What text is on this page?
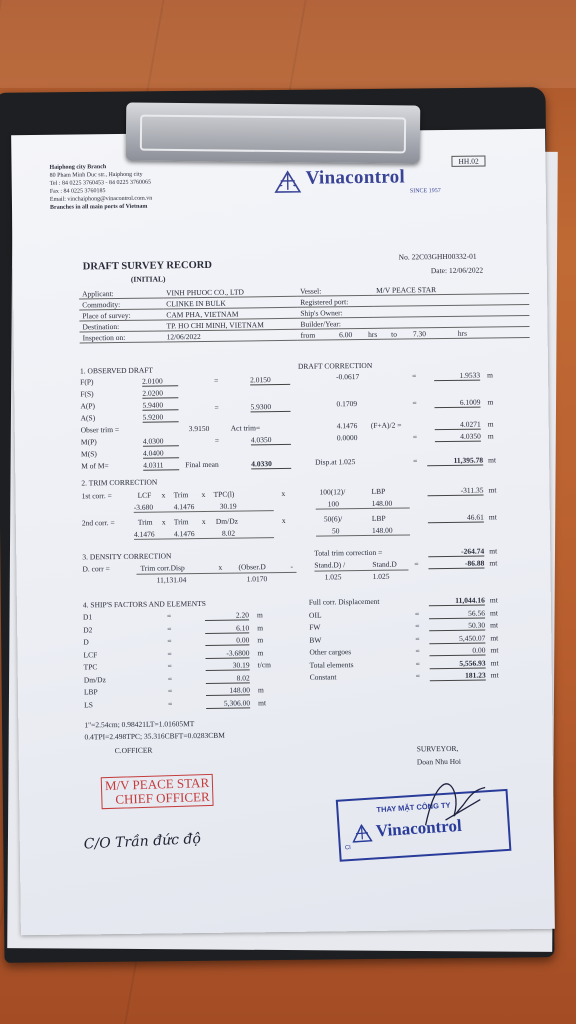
Haiphong city Branch
80 Pham Minh Duc str., Haiphong city
Tel : 84 0225 3760453 - 84 0225 3760065
Fax : 84 0225 3760185
Email: vinchaiphong@vinacontrol.com.vn
Branches in all main ports of Vietnam
HH.02
Vinacontrol
SINCE 1957
DRAFT SURVEY RECORD
(INITIAL)
No. 22C03GHH00332-01
Date: 12/06/2022
Applicant:	VINH PHUOC CO., LTD	Vessel:	M/V PEACE STAR
Commodity:	CLINKE IN BULK	Registered port:	
Place of survey:	CAM PHA, VIETNAM	Ship's Owner:	
Destination:	TP. HO CHI MINH, VIETNAM	Builder/Year:	
Inspection on:	12/06/2022	from 6.00 hrs to 7.30 hrs	
1. OBSERVED DRAFT	DRAFT CORRECTION
F(P)	2.0100	=	2.0150	-0.0617	=	1.9533 m
F(S)	2.0200
A(P)	5.9400	=	5.9300	0.1709	=	6.1009 m
A(S)	5.9200
Obser trim =	3.9150	Act trim=	4.1476 (F+A)/2 =	4.0271 m
M(P)	4.0300	=	4.0350	0.0000	=	4.0350 m
M(S)	4.0400
M of M=	4.0311	Final mean	4.0330	Disp.at 1.025	=	11,395.78 mt
2. TRIM CORRECTION
1st corr. =	LCF x Trim x TPC(l)	x	100(12)/	LBP	-311.35 mt
-3.680	4.1476	30.19	100	148.00
2nd corr. =	Trim x Trim x Dm/Dz	x	50(6)/	LBP	46.61 mt
4.1476	4.1476	8.02	50	148.00
3. DENSITY CORRECTION	Total trim correction =	-264.74 mt
D. corr =	Trim corr.Disp	x (Obser.D	-	Stand.D) /	Stand.D =	-86.88 mt
11,131.04	1.0170	1.025	1.025
4. SHIP'S FACTORS AND ELEMENTS
D1	=	2.20 m
D2	=	6.10 m
D	=	0.00 m
LCF	=	-3.6800 m
TPC	=	30.19 t/cm
Dm/Dz	=	8.02
LBP	=	148.00 m
LS	=	5,306.00 mt
Full corr. Displacement	11,044.16 mt
OIL	=	56.56 mt
FW	=	50.30 mt
BW	=	5,450.07 mt
Other cargoes	=	0.00 mt
Total elements	=	5,556.93 mt
Constant	=	181.23 mt
1"=2.54cm; 0.98421LT=1.01605MT
0.4TPI=2.498TPC; 35.316CBFT=0.0283CBM
C.OFFICER	SURVEYOR,
Doan Nhu Hoi
M/V PEACE STAR
CHIEF OFFICER
C/O Trần đức độ
THAY MẶT CÔNG TY
Vinacontrol
CI
